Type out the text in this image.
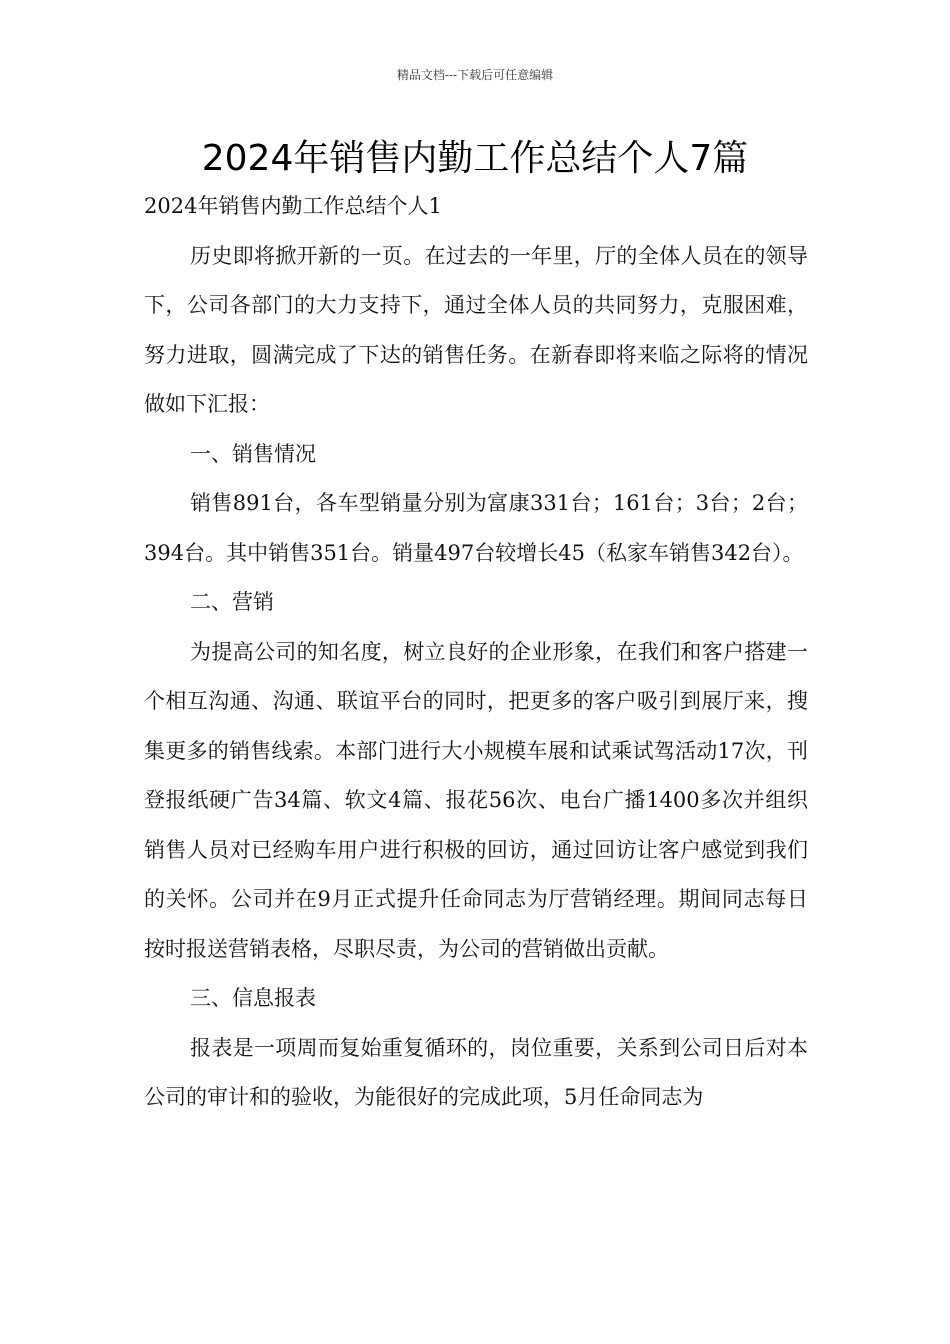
精品文档---下载后可任意编辑
2024年销售内勤工作总结个人7篇

2024年销售内勤工作总结个人1

历史即将掀开新的一页。在过去的一年里，厅的全体人员在的领导下，公司各部门的大力支持下，通过全体人员的共同努力，克服困难，努力进取，圆满完成了下达的销售任务。在新春即将来临之际将的情况做如下汇报：

一、销售情况

销售891台，各车型销量分别为富康331台；161台；3台；2台；394台。其中销售351台。销量497台较增长45（私家车销售342台）。

二、营销

为提高公司的知名度，树立良好的企业形象，在我们和客户搭建一个相互沟通、沟通、联谊平台的同时，把更多的客户吸引到展厅来，搜集更多的销售线索。本部门进行大小规模车展和试乘试驾活动17次，刊登报纸硬广告34篇、软文4篇、报花56次、电台广播1400多次并组织销售人员对已经购车用户进行积极的回访，通过回访让客户感觉到我们的关怀。公司并在9月正式提升任命同志为厅营销经理。期间同志每日按时报送营销表格，尽职尽责，为公司的营销做出贡献。

三、信息报表

报表是一项周而复始重复循环的，岗位重要，关系到公司日后对本公司的审计和的验收，为能很好的完成此项，5月任命同志为
